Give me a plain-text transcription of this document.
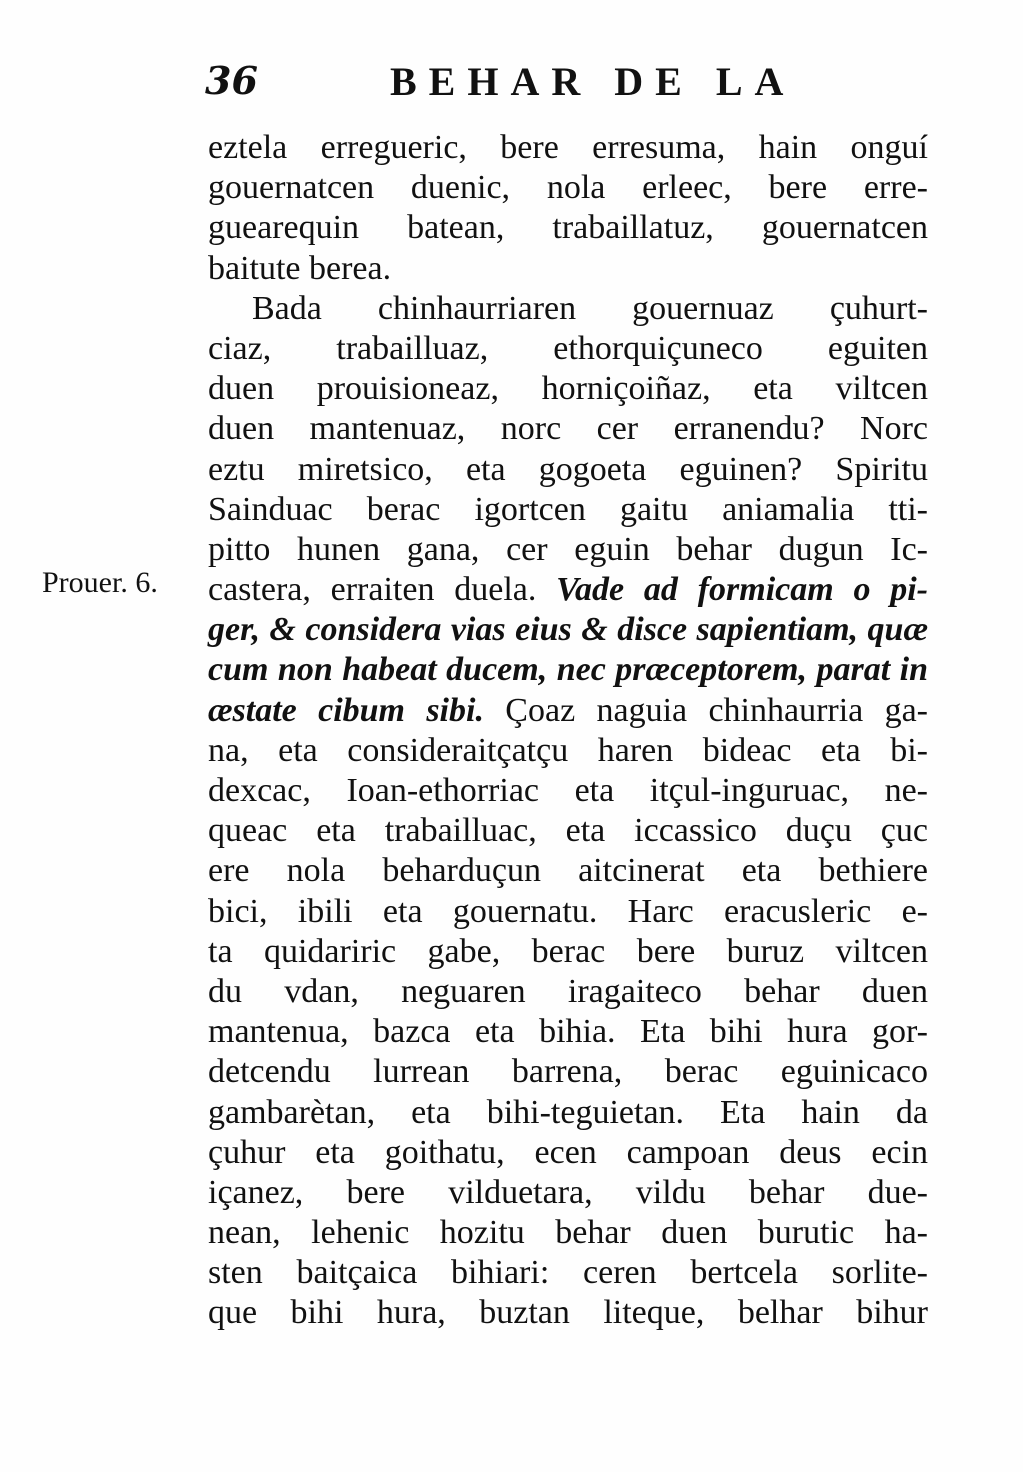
36	BEHAR DE LA
Prouer. 6.
eztela erregueric, bere erresuma, hain onguí
gouernatcen duenic, nola erleec, bere erre-
guearequin batean, trabaillatuz, gouernatcen
baitute berea.
Bada chinhaurriaren gouernuaz çuhurt-
ciaz, trabailluaz, ethorquiçuneco eguiten
duen prouisioneaz, horniçoiñaz, eta viltcen
duen mantenuaz, norc cer erranendu? Norc
eztu miretsico, eta gogoeta eguinen? Spiritu
Sainduac berac igortcen gaitu aniamalia tti-
pitto hunen gana, cer eguin behar dugun Ic-
castera, erraiten duela. Vade ad formicam o pi-
ger, & considera vias eius & disce sapientiam, quæ
cum non habeat ducem, nec præceptorem, parat in
æstate cibum sibi. Çoaz naguia chinhaurria ga-
na, eta consideraitçatçu haren bideac eta bi-
dexcac, Ioan-ethorriac eta itçul-inguruac, ne-
queac eta trabailluac, eta iccassico duçu çuc
ere nola beharduçun aitcinerat eta bethiere
bici, ibili eta gouernatu. Harc eracusleric e-
ta quidariric gabe, berac bere buruz viltcen
du vdan, neguaren iragaiteco behar duen
mantenua, bazca eta bihia. Eta bihi hura gor-
detcendu lurrean barrena, berac eguinicaco
gambarètan, eta bihi-teguietan. Eta hain da
çuhur eta goithatu, ecen campoan deus ecin
içanez, bere vilduetara, vildu behar due-
nean, lehenic hozitu behar duen burutic ha-
sten baitçaica bihiari: ceren bertcela sorlite-
que bihi hura, buztan liteque, belhar bihur
